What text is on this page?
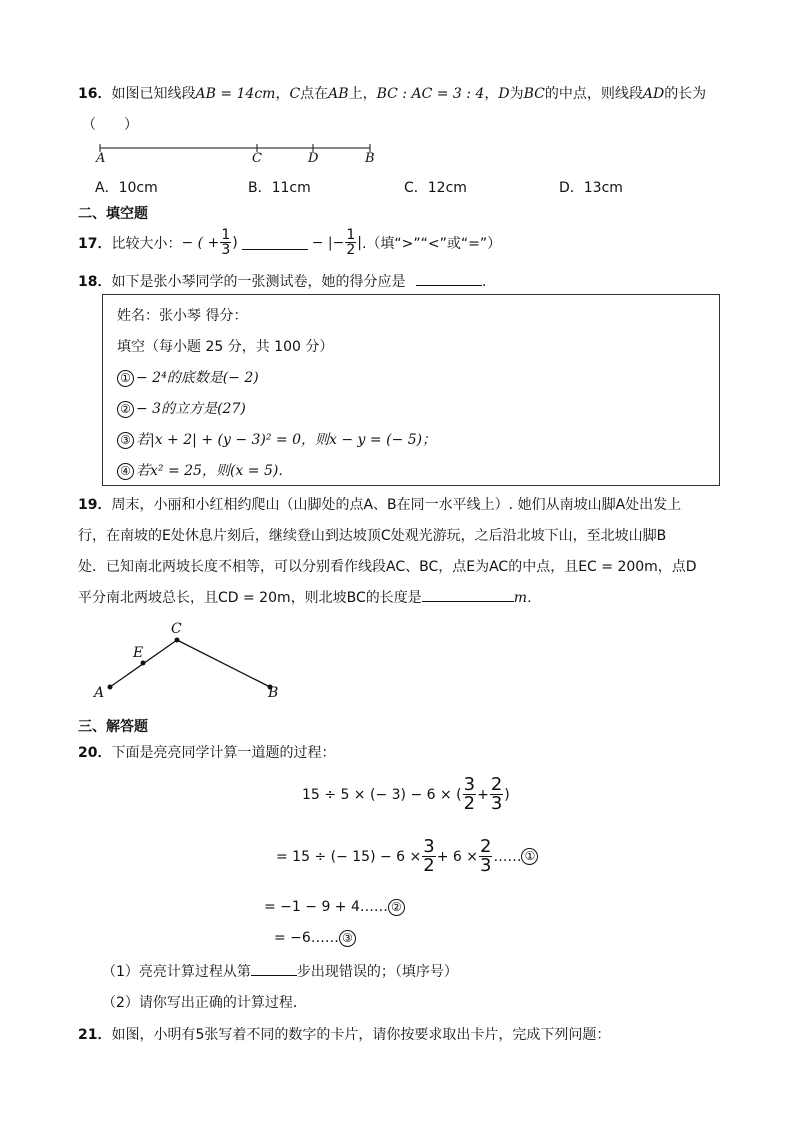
16．如图已知线段AB = 14cm，C点在AB上，BC : AC = 3 : 4，D为BC的中点，则线段AD的长为
（　　）
A	C	D	B
A．10cm	B．11cm	C．12cm	D．13cm
二、填空题
17． 比较大小： − ( + $\frac{1}{3}$ )	− |− $\frac{1}{2}$ | .（填“>”“<”或“=”）
18．如下是张小琴同学的一张测试卷，她的得分应是	.
姓名：张小琴 得分：
填空（每小题 25 分，共 100 分）
① − 2⁴的底数是(− 2)
② − 3的立方是(27)
③ 若|x + 2| + (y − 3)² = 0，则x − y = (− 5)；
④ 若x² = 25，则(x = 5)．
19．周末，小丽和小红相约爬山（山脚处的点A、B在同一水平线上）. 她们从南坡山脚A处出发上
行，在南坡的E处休息片刻后，继续登山到达坡顶C处观光游玩，之后沿北坡下山，至北坡山脚B
处．已知南北两坡长度不相等，可以分别看作线段AC、BC，点E为AC的中点，且EC = 200m，点D
平分南北两坡总长，且CD = 20m，则北坡BC的长度是	m．
C
E
A	B
三、解答题
20．下面是亮亮同学计算一道题的过程：
15 ÷ 5 × (− 3) − 6 × ( $\frac{3}{2} + \frac{2}{3}$ )
= 15 ÷ (− $15) - 6 \times \frac{3}{2} + 6 \times \frac{2}{3}$ …… ①
= −1 − 9 + 4…… ②
= −6…… ③
（1）亮亮计算过程从第	步出现错误的；（填序号）
（2）请你写出正确的计算过程．
21．如图，小明有5张写着不同的数字的卡片，请你按要求取出卡片，完成下列问题：
